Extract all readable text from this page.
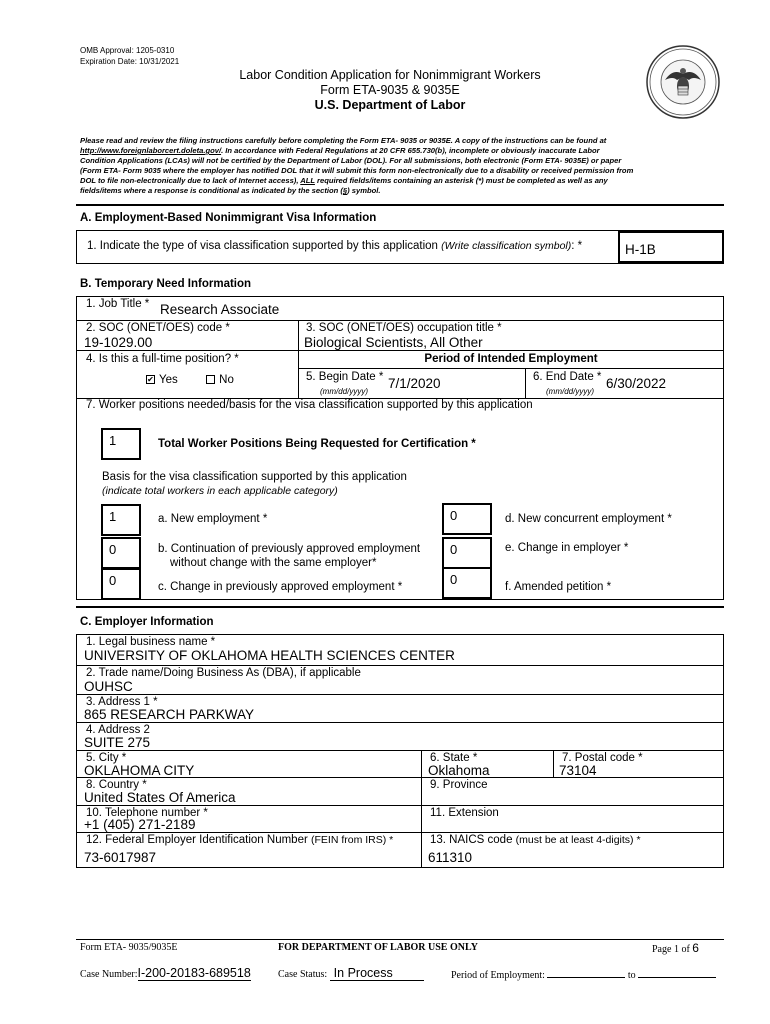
OMB Approval: 1205-0310
Expiration Date: 10/31/2021
Labor Condition Application for Nonimmigrant Workers
Form ETA-9035 & 9035E
U.S. Department of Labor
Please read and review the filing instructions carefully before completing the Form ETA- 9035 or 9035E. A copy of the instructions can be found at
http://www.foreignlaborcert.doleta.gov/. In accordance with Federal Regulations at 20 CFR 655.730(b), incomplete or obviously inaccurate Labor
Condition Applications (LCAs) will not be certified by the Department of Labor (DOL). For all submissions, both electronic (Form ETA- 9035E) or paper
(Form ETA- Form 9035 where the employer has notified DOL that it will submit this form non-electronically due to a disability or received permission from
DOL to file non-electronically due to lack of Internet access), ALL required fields/items containing an asterisk (*) must be completed as well as any
fields/items where a response is conditional as indicated by the section (§) symbol.
A. Employment-Based Nonimmigrant Visa Information
1. Indicate the type of visa classification supported by this application (Write classification symbol): *	H-1B
B. Temporary Need Information
1. Job Title * Research Associate
2. SOC (ONET/OES) code *
19-1029.00
3. SOC (ONET/OES) occupation title *
Biological Scientists, All Other
4. Is this a full-time position? *
✔ Yes	No
Period of Intended Employment
5. Begin Date * 7/1/2020
(mm/dd/yyyy)
6. End Date * 6/30/2022
(mm/dd/yyyy)
7. Worker positions needed/basis for the visa classification supported by this application
1	Total Worker Positions Being Requested for Certification *
Basis for the visa classification supported by this application
(indicate total workers in each applicable category)
1	a. New employment *
0	b. Continuation of previously approved employment
without change with the same employer*
0	c. Change in previously approved employment *
0	d. New concurrent employment *
0	e. Change in employer *
0	f. Amended petition *
C. Employer Information
1. Legal business name *
UNIVERSITY OF OKLAHOMA HEALTH SCIENCES CENTER
2. Trade name/Doing Business As (DBA), if applicable
OUHSC
3. Address 1 *
865 RESEARCH PARKWAY
4. Address 2
SUITE 275
5. City *
OKLAHOMA CITY
6. State *
Oklahoma
7. Postal code *
73104
8. Country *
United States Of America
9. Province
10. Telephone number *
+1 (405) 271-2189
11. Extension
12. Federal Employer Identification Number (FEIN from IRS) *
73-6017987
13. NAICS code (must be at least 4-digits) *
611310
Form ETA- 9035/9035E	FOR DEPARTMENT OF LABOR USE ONLY	Page 1 of 6
Case Number:I-200-20183-689518	Case Status: In Process	Period of Employment:	to
